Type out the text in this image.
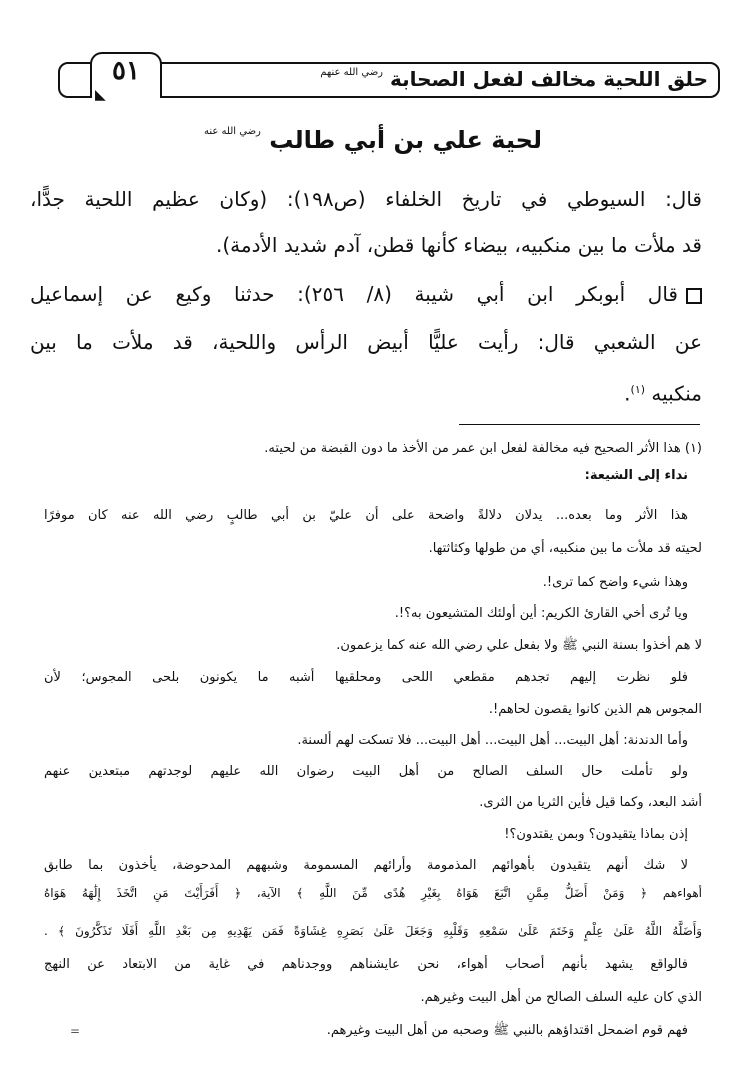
٥١
◣
حلق اللحية مخالف لفعل الصحابة $^{رضي الله عنهم}$
لحية علي بن أبي طالب $^{رضي الله عنه}$
قال: السيوطي في تاريخ الخلفاء (ص١٩٨): (وكان عظيم اللحية جدًّا،
قد ملأت ما بين منكبيه، بيضاء كأنها قطن، آدم شديد الأدمة).
قال أبوبكر ابن أبي شيبة (٨/ ٢٥٦): حدثنا وكيع عن إسماعيل
عن الشعبي قال: رأيت عليًّا أبيض الرأس واللحية، قد ملأت ما بين
منكبيه $^{(١)}$.
(١) هذا الأثر الصحيح فيه مخالفة لفعل ابن عمر من الأخذ ما دون القبضة من لحيته.
نداء إلى الشيعة:
هذا الأثر وما بعده... يدلان دلالةً واضحة على أن عليّ بن أبي طالبٍ رضي الله عنه كان موفرًا
لحيته قد ملأت ما بين منكبيه، أي من طولها وكثاثتها.
وهذا شيء واضح كما ترى!.
ويا تُرى أخي القارئ الكريم: أين أولئك المتشيعون به؟!.
لا هم أخذوا بسنة النبي ﷺ ولا بفعل علي رضي الله عنه كما يزعمون.
فلو نظرت إليهم تجدهم مقطعي اللحى ومحلقيها أشبه ما يكونون بلحى المجوس؛ لأن
المجوس هم الذين كانوا يقصون لحاهم!.
وأما الدندنة: أهل البيت... أهل البيت... أهل البيت... فلا تسكت لهم ألسنة.
ولو تأملت حال السلف الصالح من أهل البيت رضوان الله عليهم لوجدتهم مبتعدين عنهم
أشد البعد، وكما قيل فأين الثريا من الثرى.
إذن بماذا يتقيدون؟ وبمن يقتدون؟!
لا شك أنهم يتقيدون بأهوائهم المذمومة وأرائهم المسمومة وشبههم المدحوضة، يأخذون بما طابق
أهواءهم ﴿ وَمَنْ أَضَلُّ مِمَّنِ اتَّبَعَ هَوَاهُ بِغَيْرِ هُدًى مِّنَ اللَّهِ ﴾ الآية، ﴿ أَفَرَأَيْتَ مَنِ اتَّخَذَ إِلَٰهَهُ هَوَاهُ
وَأَضَلَّهُ اللَّهُ عَلَىٰ عِلْمٍ وَخَتَمَ عَلَىٰ سَمْعِهِ وَقَلْبِهِ وَجَعَلَ عَلَىٰ بَصَرِهِ غِشَاوَةً فَمَن يَهْدِيهِ مِن بَعْدِ اللَّهِ أَفَلَا تَذَكَّرُونَ ﴾ .
فالواقع يشهد بأنهم أصحاب أهواء، نحن عايشناهم ووجدناهم في غاية من الابتعاد عن النهج
الذي كان عليه السلف الصالح من أهل البيت وغيرهم.
فهم قوم اضمحل اقتداؤهم بالنبي ﷺ وصحبه من أهل البيت وغيرهم.
=
